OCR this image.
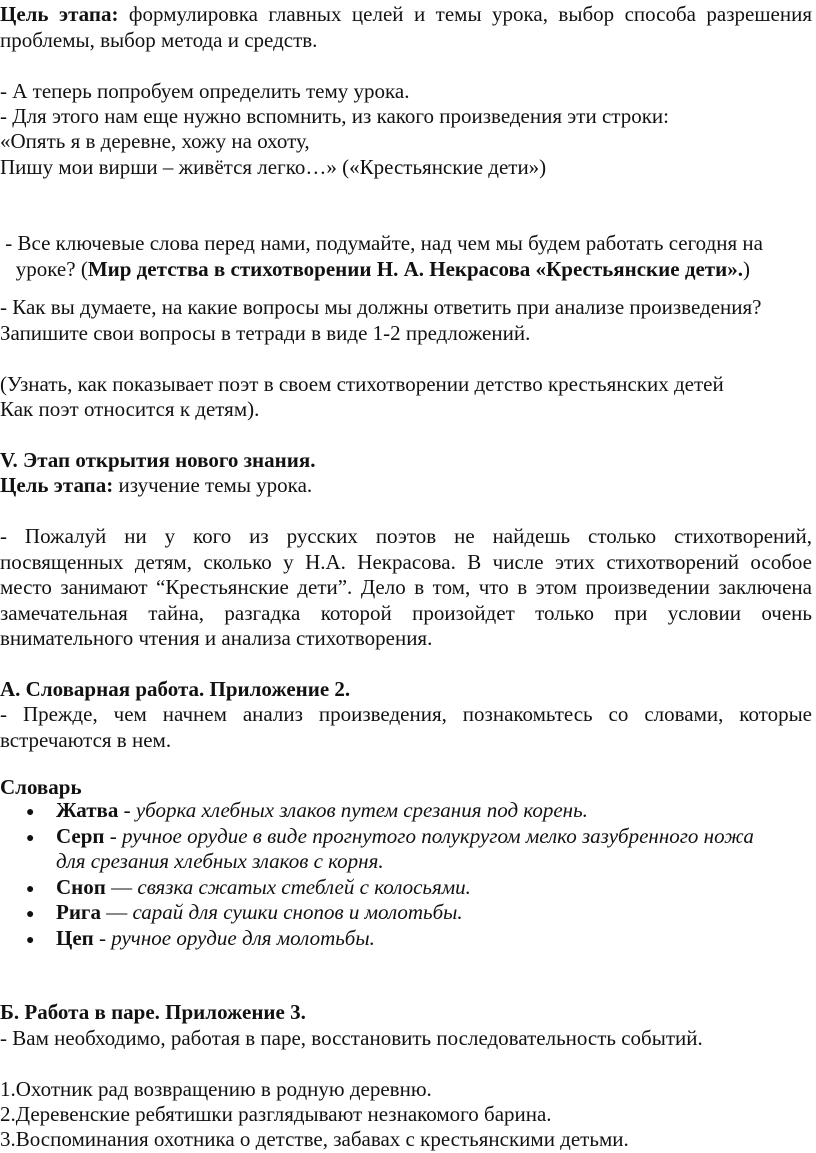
Цель этапа: формулировка главных целей и темы урока, выбор способа разрешения
проблемы, выбор метода и средств.
- А теперь попробуем определить тему урока.
- Для этого нам еще нужно вспомнить, из какого произведения эти строки:
«Опять я в деревне, хожу на охоту,
Пишу мои вирши – живётся легко…» («Крестьянские дети»)
- Все ключевые слова перед нами, подумайте, над чем мы будем работать сегодня на
уроке? (Мир детства в стихотворении Н. А. Некрасова «Крестьянские дети».)
- Как вы думаете, на какие вопросы мы должны ответить при анализе произведения?
Запишите свои вопросы в тетради в виде 1-2 предложений.
(Узнать, как показывает поэт в своем стихотворении детство крестьянских детей
Как поэт относится к детям).
V. Этап открытия нового знания.
Цель этапа: изучение темы урока.
- Пожалуй ни у кого из русских поэтов не найдешь столько стихотворений,
посвященных детям, сколько у Н.А. Некрасова. В числе этих стихотворений особое
место занимают “Крестьянские дети”. Дело в том, что в этом произведении заключена
замечательная тайна, разгадка которой произойдет только при условии очень
внимательного чтения и анализа стихотворения.
А. Словарная работа. Приложение 2.
- Прежде, чем начнем анализ произведения, познакомьтесь со словами, которые
встречаются в нем.
Словарь
● Жатва - уборка хлебных злаков путем срезания под корень.
● Серп - ручное орудие в виде прогнутого полукругом мелко зазубренного ножа
для срезания хлебных злаков с корня.
● Сноп — связка сжатых стеблей с колосьями.
● Рига — сарай для сушки снопов и молотьбы.
● Цеп - ручное орудие для молотьбы.
Б. Работа в паре. Приложение 3.
- Вам необходимо, работая в паре, восстановить последовательность событий.
1.Охотник рад возвращению в родную деревню.
2.Деревенские ребятишки разглядывают незнакомого барина.
3.Воспоминания охотника о детстве, забавах с крестьянскими детьми.
